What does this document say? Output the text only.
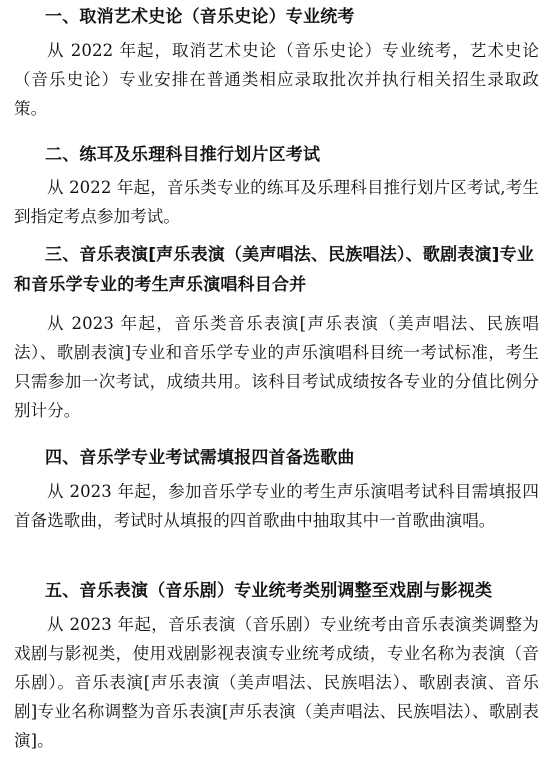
一、取消艺术史论（音乐史论）专业统考
从 2022 年起，取消艺术史论（音乐史论）专业统考，艺术史论（音乐史论）专业安排在普通类相应录取批次并执行相关招生录取政策。
二、练耳及乐理科目推行划片区考试
从 2022 年起，音乐类专业的练耳及乐理科目推行划片区考试,考生到指定考点参加考试。
三、音乐表演[声乐表演（美声唱法、民族唱法）、歌剧表演]专业和音乐学专业的考生声乐演唱科目合并
从 2023 年起，音乐类音乐表演[声乐表演（美声唱法、民族唱法）、歌剧表演]专业和音乐学专业的声乐演唱科目统一考试标准，考生只需参加一次考试，成绩共用。该科目考试成绩按各专业的分值比例分别计分。
四、音乐学专业考试需填报四首备选歌曲
从 2023 年起，参加音乐学专业的考生声乐演唱考试科目需填报四首备选歌曲，考试时从填报的四首歌曲中抽取其中一首歌曲演唱。
五、音乐表演（音乐剧）专业统考类别调整至戏剧与影视类
从 2023 年起，音乐表演（音乐剧）专业统考由音乐表演类调整为戏剧与影视类，使用戏剧影视表演专业统考成绩，专业名称为表演（音乐剧）。音乐表演[声乐表演（美声唱法、民族唱法）、歌剧表演、音乐剧]专业名称调整为音乐表演[声乐表演（美声唱法、民族唱法）、歌剧表演]。
